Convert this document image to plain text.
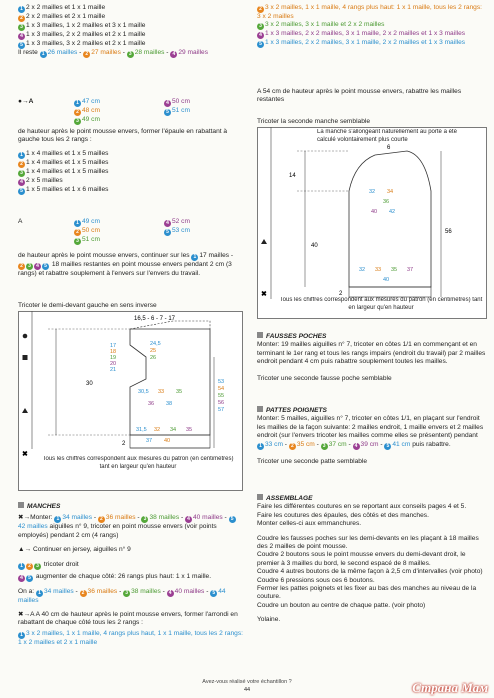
1 2 x 2 mailles et 1 x 1 maille

2 2 x 2 mailles et 2 x 1 maille

3 1 x 3 mailles, 1 x 2 mailles et 3 x 1 maille

4 1 x 3 mailles, 2 x 2 mailles et 2 x 1 maille

5 1 x 3 mailles, 3 x 2 mailles et 2 x 1 maille

Il reste 1 26 mailles - 2 27 mailles - 3 28 mailles - 4 29 mailles

●→A	1 47 cm

2 48 cm

3 49 cm

4 50 cm

5 51 cm

de hauteur après le point mousse envers, former l'épaule en rabattant à gauche tous les 2 rangs :

1 1 x 4 mailles et 1 x 5 mailles

2 1 x 4 mailles et 1 x 5 mailles

3 1 x 4 mailles et 1 x 5 mailles

4 2 x 5 mailles

5 1 x 5 mailles et 1 x 6 mailles

A	1 49 cm

2 50 cm

3 51 cm

4 52 cm

5 53 cm

de hauteur après le point mousse envers, continuer sur les 1 17 mailles - 2 3 4 5 18 mailles restantes en point mousse envers pendant 2 cm (3 rangs) et rabattre souplement à l'envers sur l'envers du travail.

Tricoter le demi-devant gauche en sens inverse

✖
16,5 - 6 - 7 - 17
17
18
19
20
21
24,5
25
26
53
54
55
56
57
30,5 33 35
36 38
31,5 32 34 35
37 40
30
2
Tous les chiffres correspondent aux mesures du patron (en centimètres) tant en largeur qu'en hauteur

MANCHES

✖→Monter: 1 34 mailles - 2 36 mailles - 3 38 mailles - 4 40 mailles - 542 mailles aiguilles n° 9, tricoter en point mousse envers (voir points employés) pendant 2 cm (4 rangs)

▲→ Continuer en jersey, aiguilles n° 9

1 2 3 tricoter droit

4 5 augmenter de chaque côté: 26 rangs plus haut: 1 x 1 maille.

On a: 1 34 mailles - 2 36 mailles - 3 38 mailles - 4 40 mailles - 5 44 mailles

✖→A A 40 cm de hauteur après le point mousse envers, former l'arrondi en rabattant de chaque côté tous les 2 rangs :

1 3 x 2 mailles, 1 x 1 maille, 4 rangs plus haut, 1 x 1 maille, tous les 2 rangs: 1 x 2 mailles et 2 x 1 maille

2 3 x 2 mailles, 1 x 1 maille, 4 rangs plus haut: 1 x 1 maille, tous les 2 rangs: 3 x 2 mailles

3 3 x 2 mailles, 3 x 1 maille et 2 x 2 mailles

4 1 x 3 mailles, 2 x 2 mailles, 3 x 1 maille, 2 x 2 mailles et 1 x 3 mailles

5 1 x 3 mailles, 2 x 2 mailles, 3 x 1 maille, 2 x 2 mailles et 1 x 3 mailles

A 54 cm de hauteur après le point mousse envers, rabattre les mailles restantes

Tricoter la seconde manche semblable

✖
La manche s'allongeant naturellement au porté a été calculé volontairement plus courte
6
14
40
56
2
32 34
36
40 42
32 33 35 37
40
Tous les chiffres correspondent aux mesures du patron (en centimètres) tant en largeur qu'en hauteur

FAUSSES POCHES

Monter: 19 mailles aiguilles n° 7, tricoter en côtes 1/1 en commençant et en terminant le 1er rang et tous les rangs impairs (endroit du travail) par 2 mailles endroit pendant 4 cm puis rabattre souplement toutes les mailles.

Tricoter une seconde fausse poche semblable

PATTES POIGNETS

Monter: 5 mailles, aiguilles n° 7, tricoter en côtes 1/1, en plaçant sur l'endroit les mailles de la façon suivante: 2 mailles endroit, 1 maille envers et 2 mailles endroit (sur l'envers tricoter les mailles comme elles se présentent) pendant 1 33 cm - 2 35 cm - 3 37 cm - 4 39 cm - 5 41 cm puis rabattre.

Tricoter une seconde patte semblable

ASSEMBLAGE

Faire les différentes coutures en se reportant aux conseils pages 4 et 5.

Faire les coutures des épaules, des côtés et des manches.

Monter celles-ci aux emmanchures.

Coudre les fausses poches sur les demi-devants en les plaçant à 18 mailles des 2 mailles de point mousse.

Coudre 2 boutons sous le point mousse envers du demi-devant droit, le premier à 3 mailles du bord, le second espacé de 8 mailles.

Coudre 4 autres boutons de la même façon à 2,5 cm d'intervalles (voir photo)

Coudre 6 pressions sous ces 6 boutons.

Fermer les pattes poignets et les fixer au bas des manches au niveau de la couture.

Coudre un bouton au centre de chaque patte. (voir photo)

Yolaine.

Avez-vous réalisé votre échantillon ?
44	Страна Мам
